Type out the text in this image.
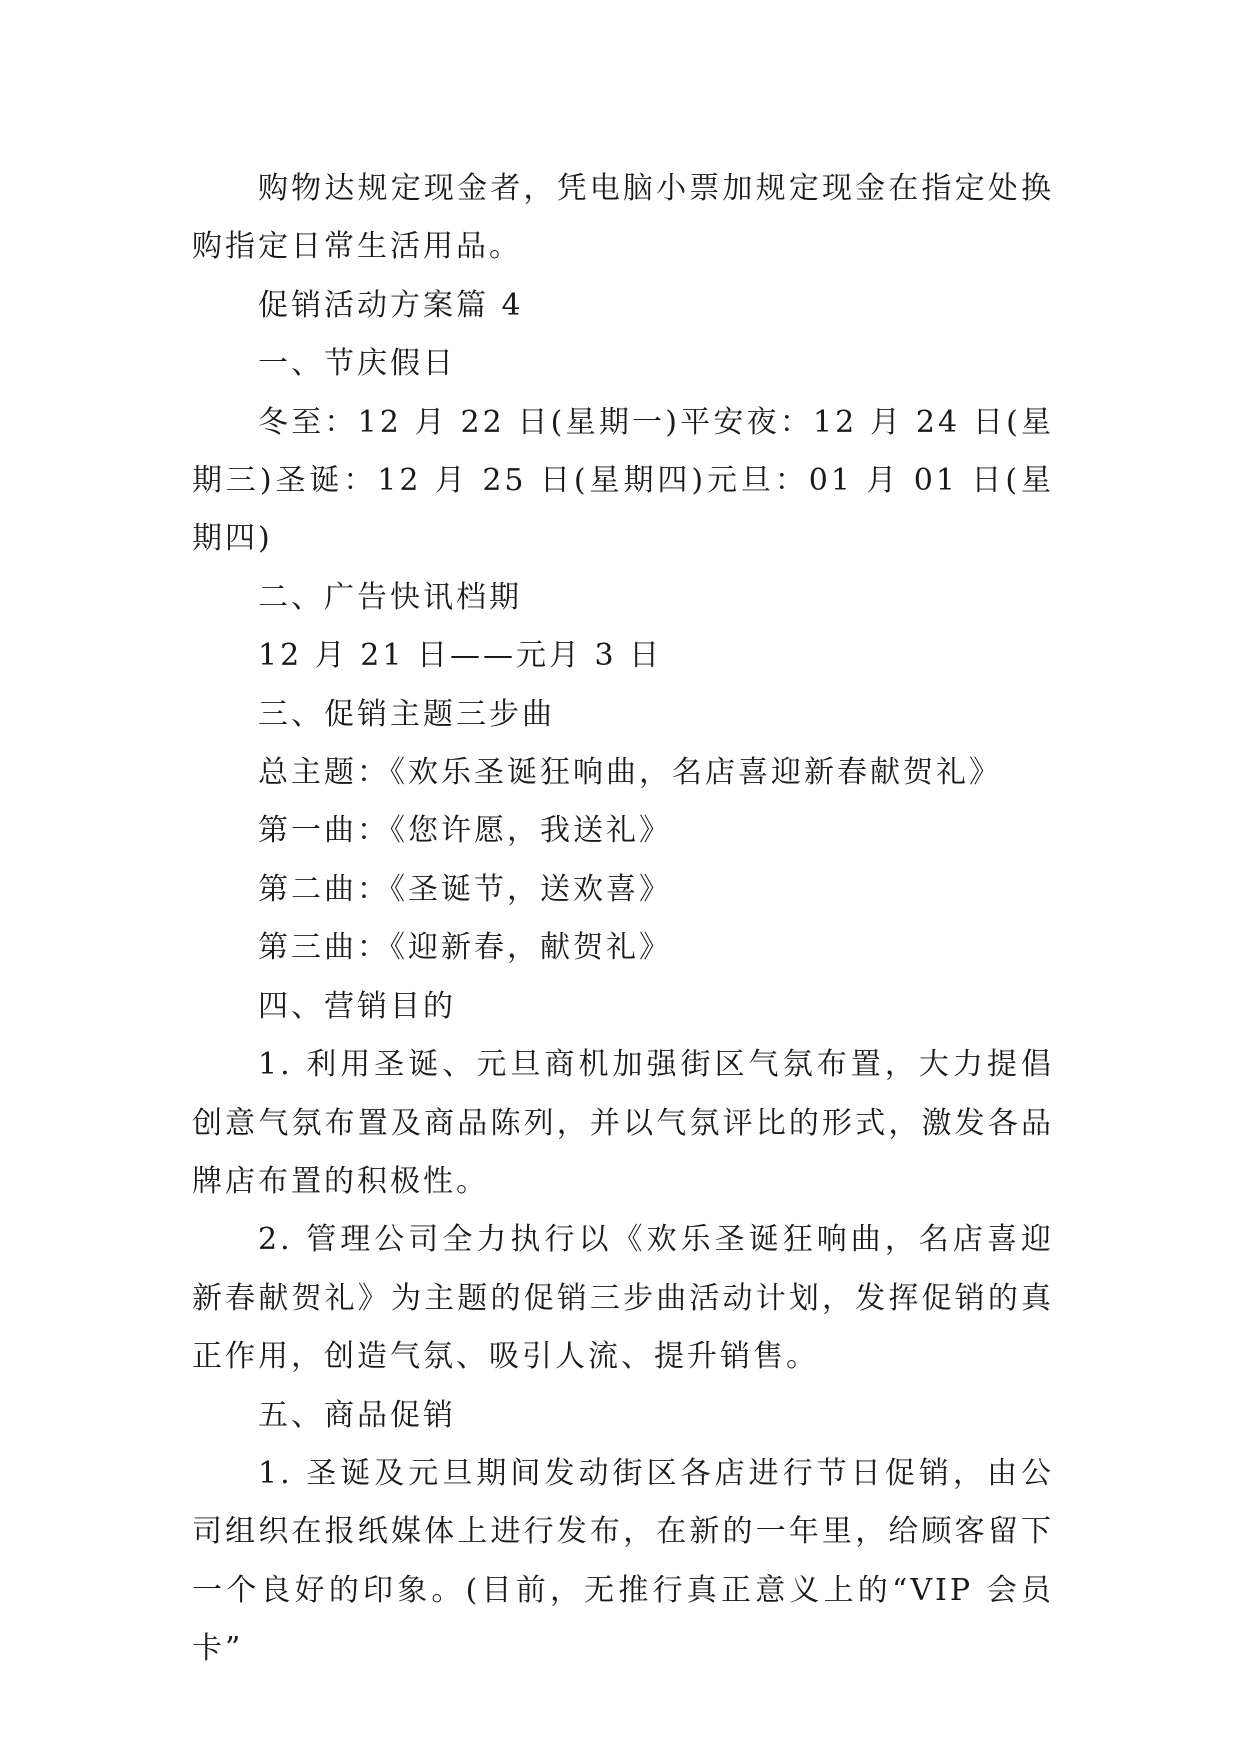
购物达规定现金者，凭电脑小票加规定现金在指定处换购指定日常生活用品。

促销活动方案篇 4

一、节庆假日

冬至：12 月 22 日(星期一)平安夜：12 月 24 日(星期三)圣诞：12 月 25 日(星期四)元旦：01 月 01 日(星期四)

二、广告快讯档期

12 月 21 日——元月 3 日

三、促销主题三步曲

总主题：《欢乐圣诞狂响曲，名店喜迎新春献贺礼》

第一曲：《您许愿，我送礼》

第二曲：《圣诞节，送欢喜》

第三曲：《迎新春，献贺礼》

四、营销目的

1. 利用圣诞、元旦商机加强街区气氛布置，大力提倡创意气氛布置及商品陈列，并以气氛评比的形式，激发各品牌店布置的积极性。

2. 管理公司全力执行以《欢乐圣诞狂响曲，名店喜迎新春献贺礼》为主题的促销三步曲活动计划，发挥促销的真正作用，创造气氛、吸引人流、提升销售。

五、商品促销

1. 圣诞及元旦期间发动街区各店进行节日促销，由公司组织在报纸媒体上进行发布，在新的一年里，给顾客留下一个良好的印象。(目前，无推行真正意义上的“VIP 会员卡”
